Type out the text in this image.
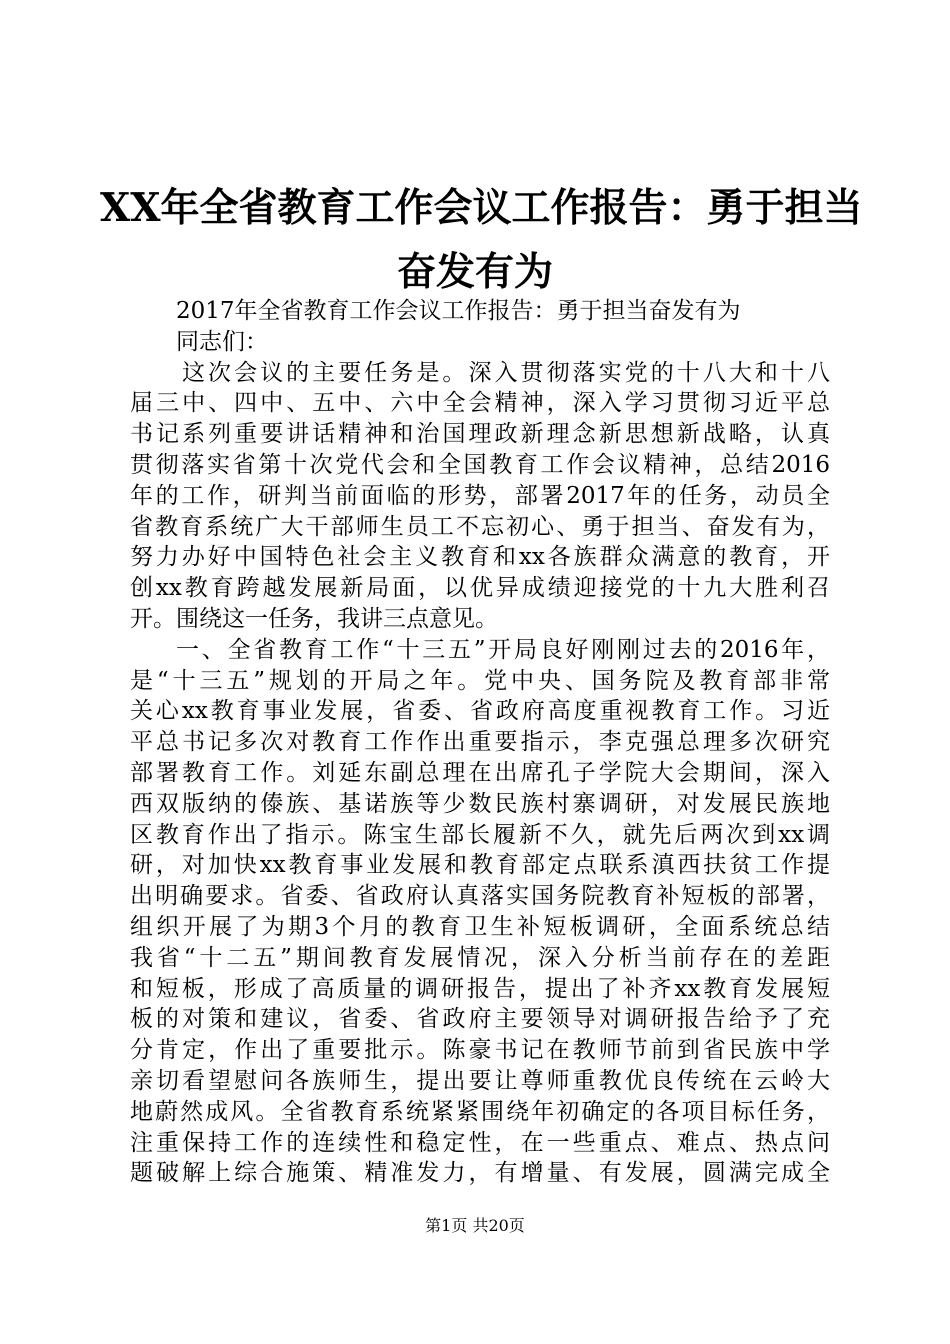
XX年全省教育工作会议工作报告：勇于担当
奋发有为
2017年全省教育工作会议工作报告：勇于担当奋发有为
同志们：
这次会议的主要任务是。深入贯彻落实党的十八大和十八
届三中、四中、五中、六中全会精神，深入学习贯彻习近平总
书记系列重要讲话精神和治国理政新理念新思想新战略，认真
贯彻落实省第十次党代会和全国教育工作会议精神，总结2016
年的工作，研判当前面临的形势，部署2017年的任务，动员全
省教育系统广大干部师生员工不忘初心、勇于担当、奋发有为，
努力办好中国特色社会主义教育和xx各族群众满意的教育，开
创xx教育跨越发展新局面，以优异成绩迎接党的十九大胜利召
开。围绕这一任务，我讲三点意见。
一、全省教育工作“十三五”开局良好刚刚过去的2016年，
是“十三五”规划的开局之年。党中央、国务院及教育部非常
关心xx教育事业发展，省委、省政府高度重视教育工作。习近
平总书记多次对教育工作作出重要指示，李克强总理多次研究
部署教育工作。刘延东副总理在出席孔子学院大会期间，深入
西双版纳的傣族、基诺族等少数民族村寨调研，对发展民族地
区教育作出了指示。陈宝生部长履新不久，就先后两次到xx调
研，对加快xx教育事业发展和教育部定点联系滇西扶贫工作提
出明确要求。省委、省政府认真落实国务院教育补短板的部署，
组织开展了为期3个月的教育卫生补短板调研，全面系统总结
我省“十二五”期间教育发展情况，深入分析当前存在的差距
和短板，形成了高质量的调研报告，提出了补齐xx教育发展短
板的对策和建议，省委、省政府主要领导对调研报告给予了充
分肯定，作出了重要批示。陈豪书记在教师节前到省民族中学
亲切看望慰问各族师生，提出要让尊师重教优良传统在云岭大
地蔚然成风。全省教育系统紧紧围绕年初确定的各项目标任务，
注重保持工作的连续性和稳定性，在一些重点、难点、热点问
题破解上综合施策、精准发力，有增量、有发展，圆满完成全
第1页 共20页
